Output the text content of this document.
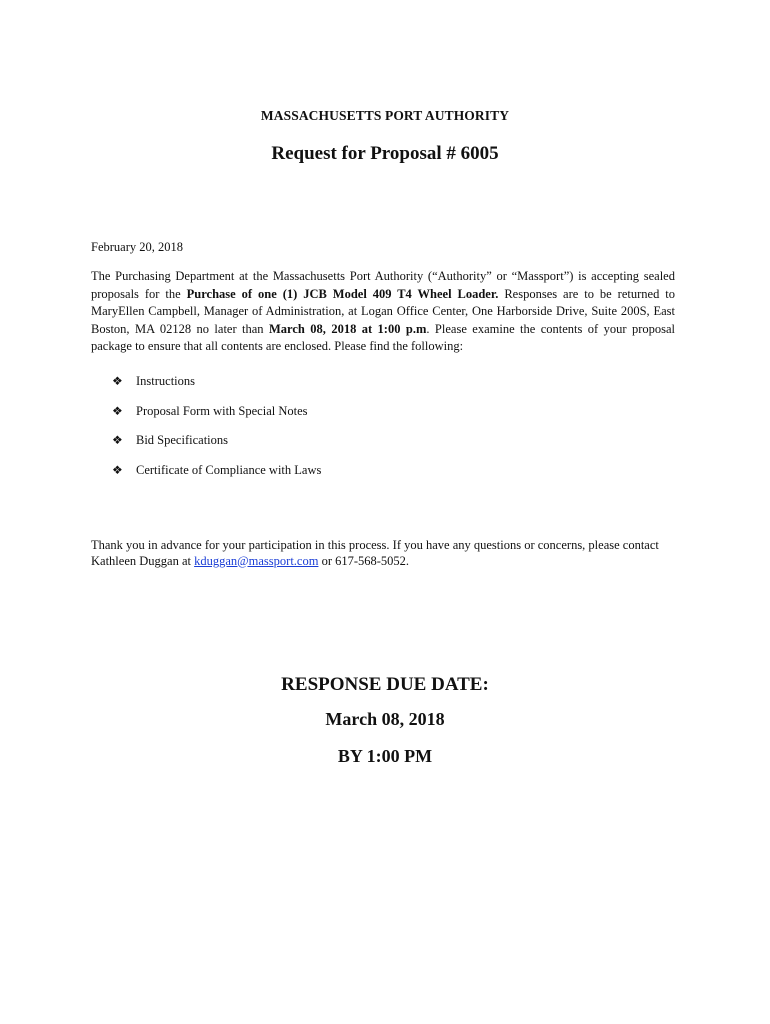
MASSACHUSETTS PORT AUTHORITY
Request for Proposal # 6005
February 20, 2018
The Purchasing Department at the Massachusetts Port Authority (“Authority” or “Massport”) is accepting sealed proposals for the Purchase of one (1) JCB Model 409 T4 Wheel Loader. Responses are to be returned to MaryEllen Campbell, Manager of Administration, at Logan Office Center, One Harborside Drive, Suite 200S, East Boston, MA 02128 no later than March 08, 2018 at 1:00 p.m. Please examine the contents of your proposal package to ensure that all contents are enclosed. Please find the following:
❖	Instructions
❖	Proposal Form with Special Notes
❖	Bid Specifications
❖	Certificate of Compliance with Laws
Thank you in advance for your participation in this process. If you have any questions or concerns, please contact Kathleen Duggan at kduggan@massport.com or 617-568-5052.
RESPONSE DUE DATE:
March 08, 2018
BY 1:00 PM
